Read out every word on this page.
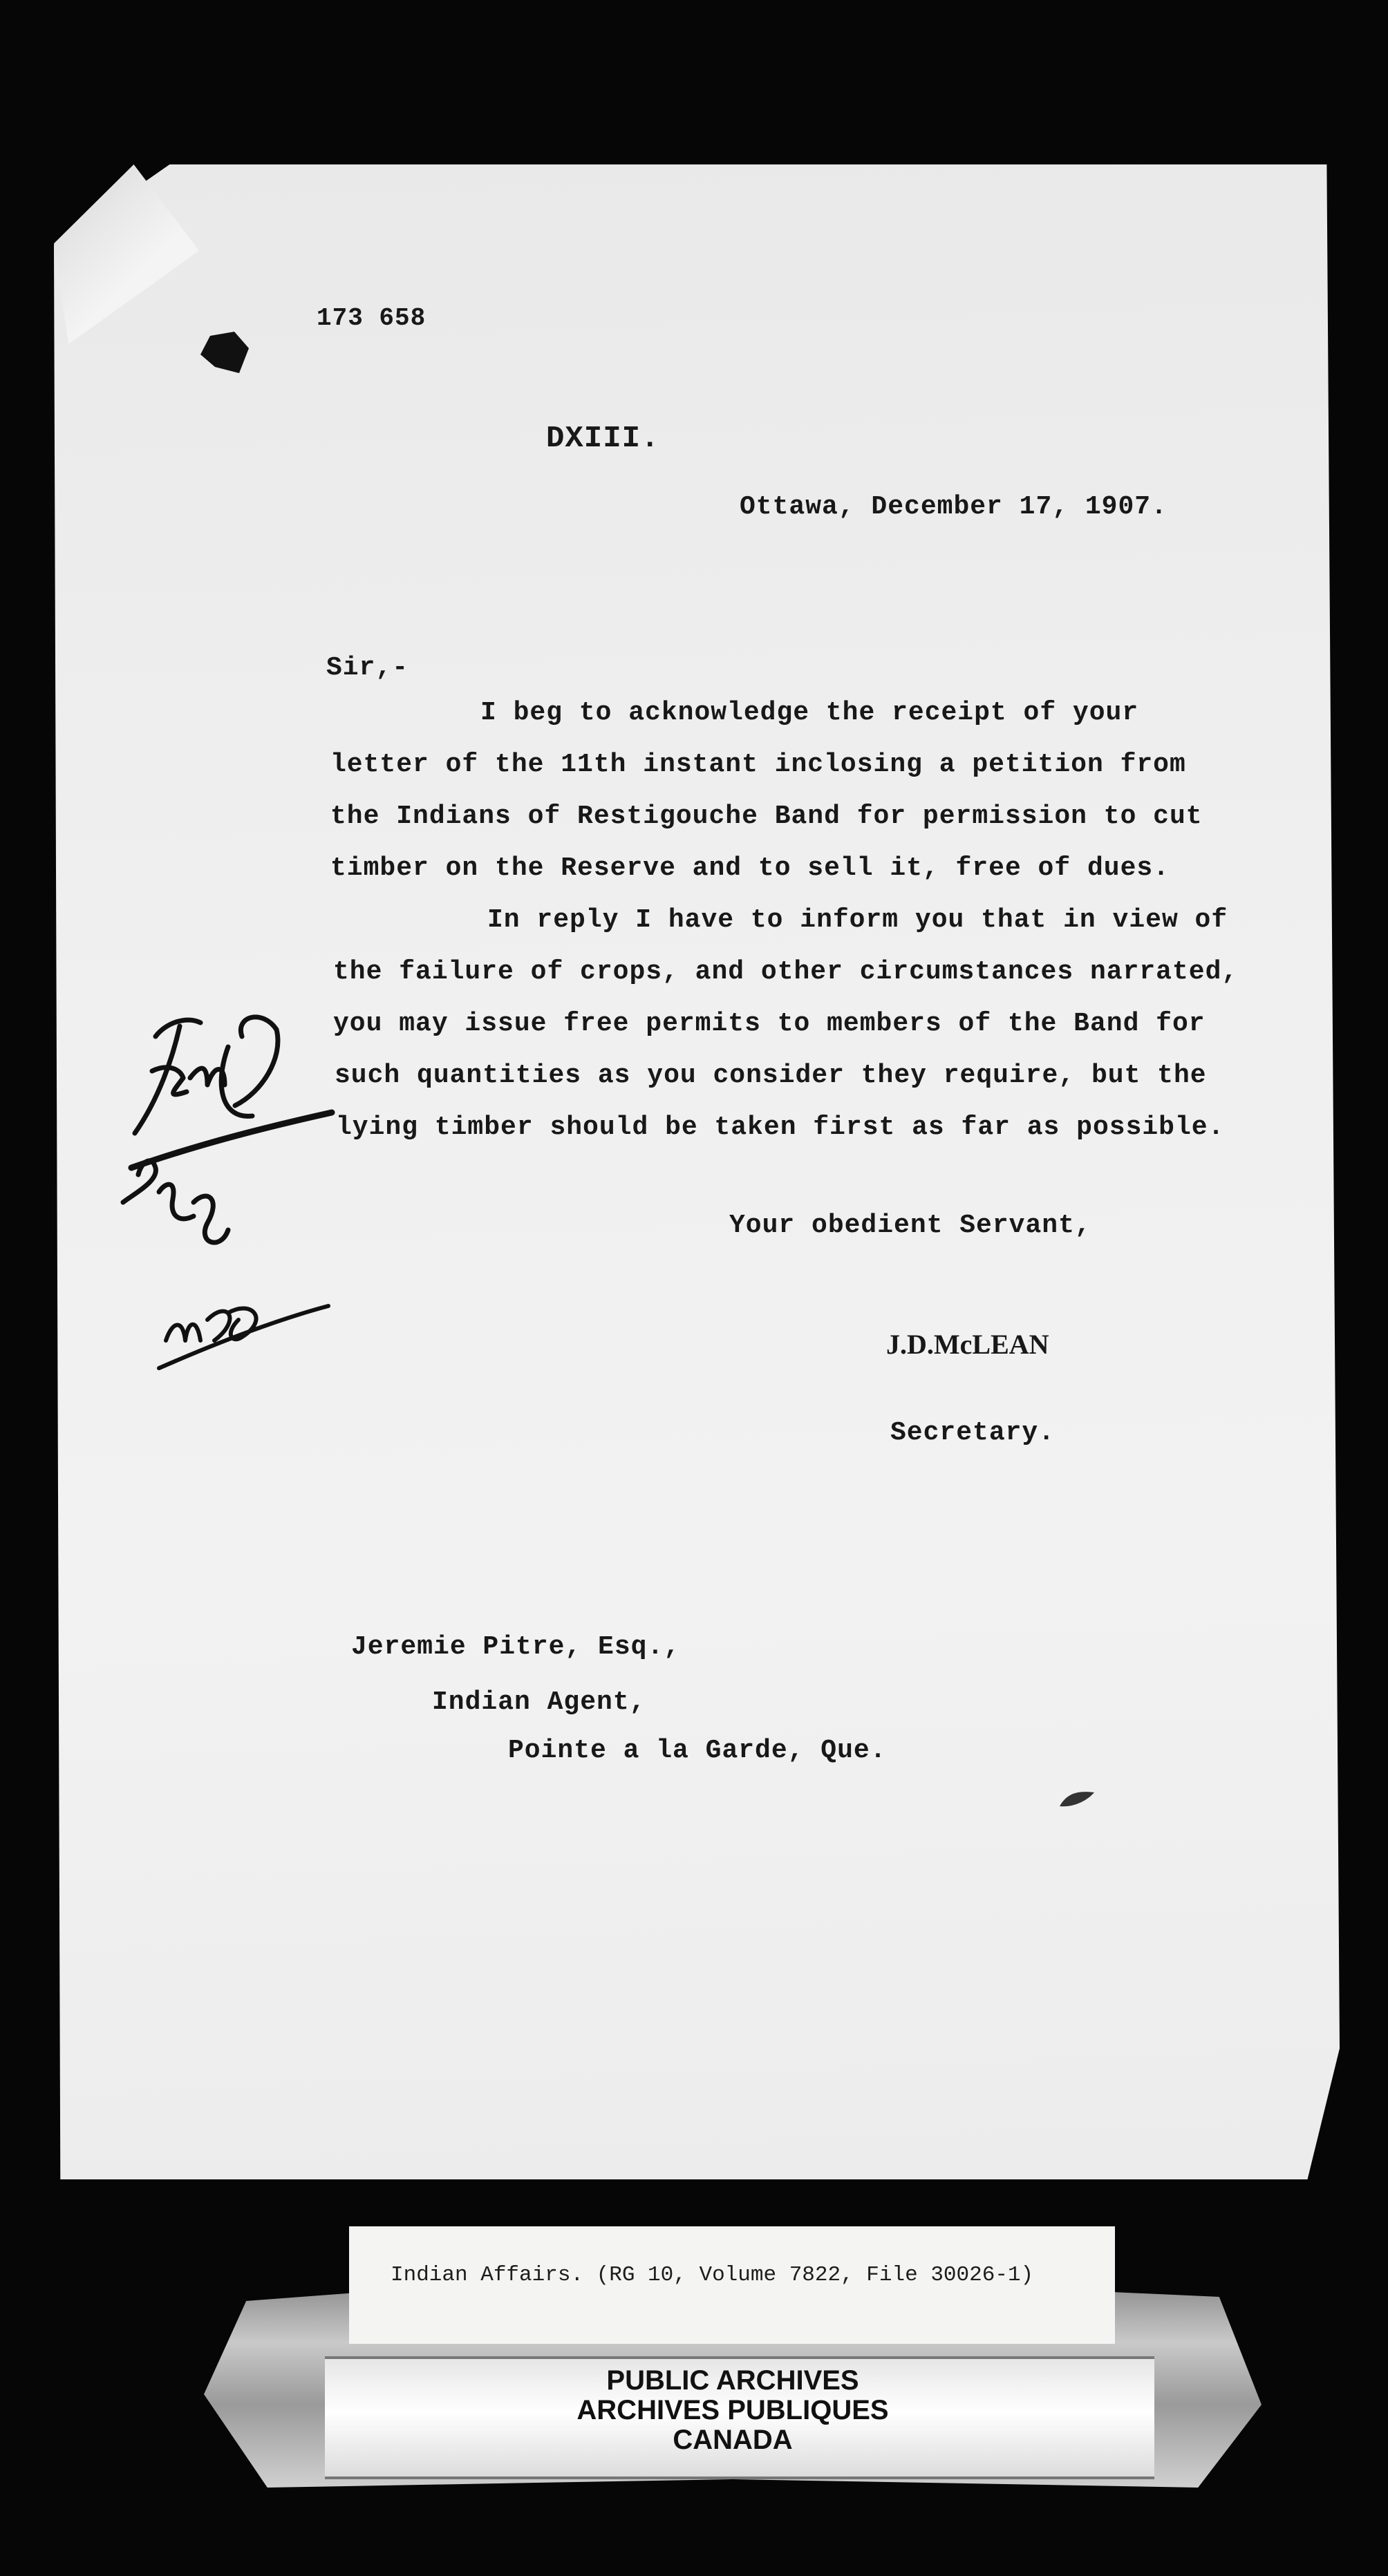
173 658
DXIII.
Ottawa, December 17, 1907.
Sir,-
I beg to acknowledge the receipt of your
letter of the 11th instant inclosing a petition from
the Indians of Restigouche Band for permission to cut
timber on the Reserve and to sell it, free of dues.
In reply I have to inform you that in view of
the failure of crops, and other circumstances narrated,
you may issue free permits to members of the Band for
such quantities as you consider they require, but the
lying timber should be taken first as far as possible.
Your obedient Servant,
J.D.McLEAN
Secretary.
Jeremie Pitre, Esq.,
Indian Agent,
Pointe a la Garde, Que.
Indian Affairs. (RG 10, Volume 7822, File 30026-1)
PUBLIC ARCHIVES
ARCHIVES PUBLIQUES
CANADA
